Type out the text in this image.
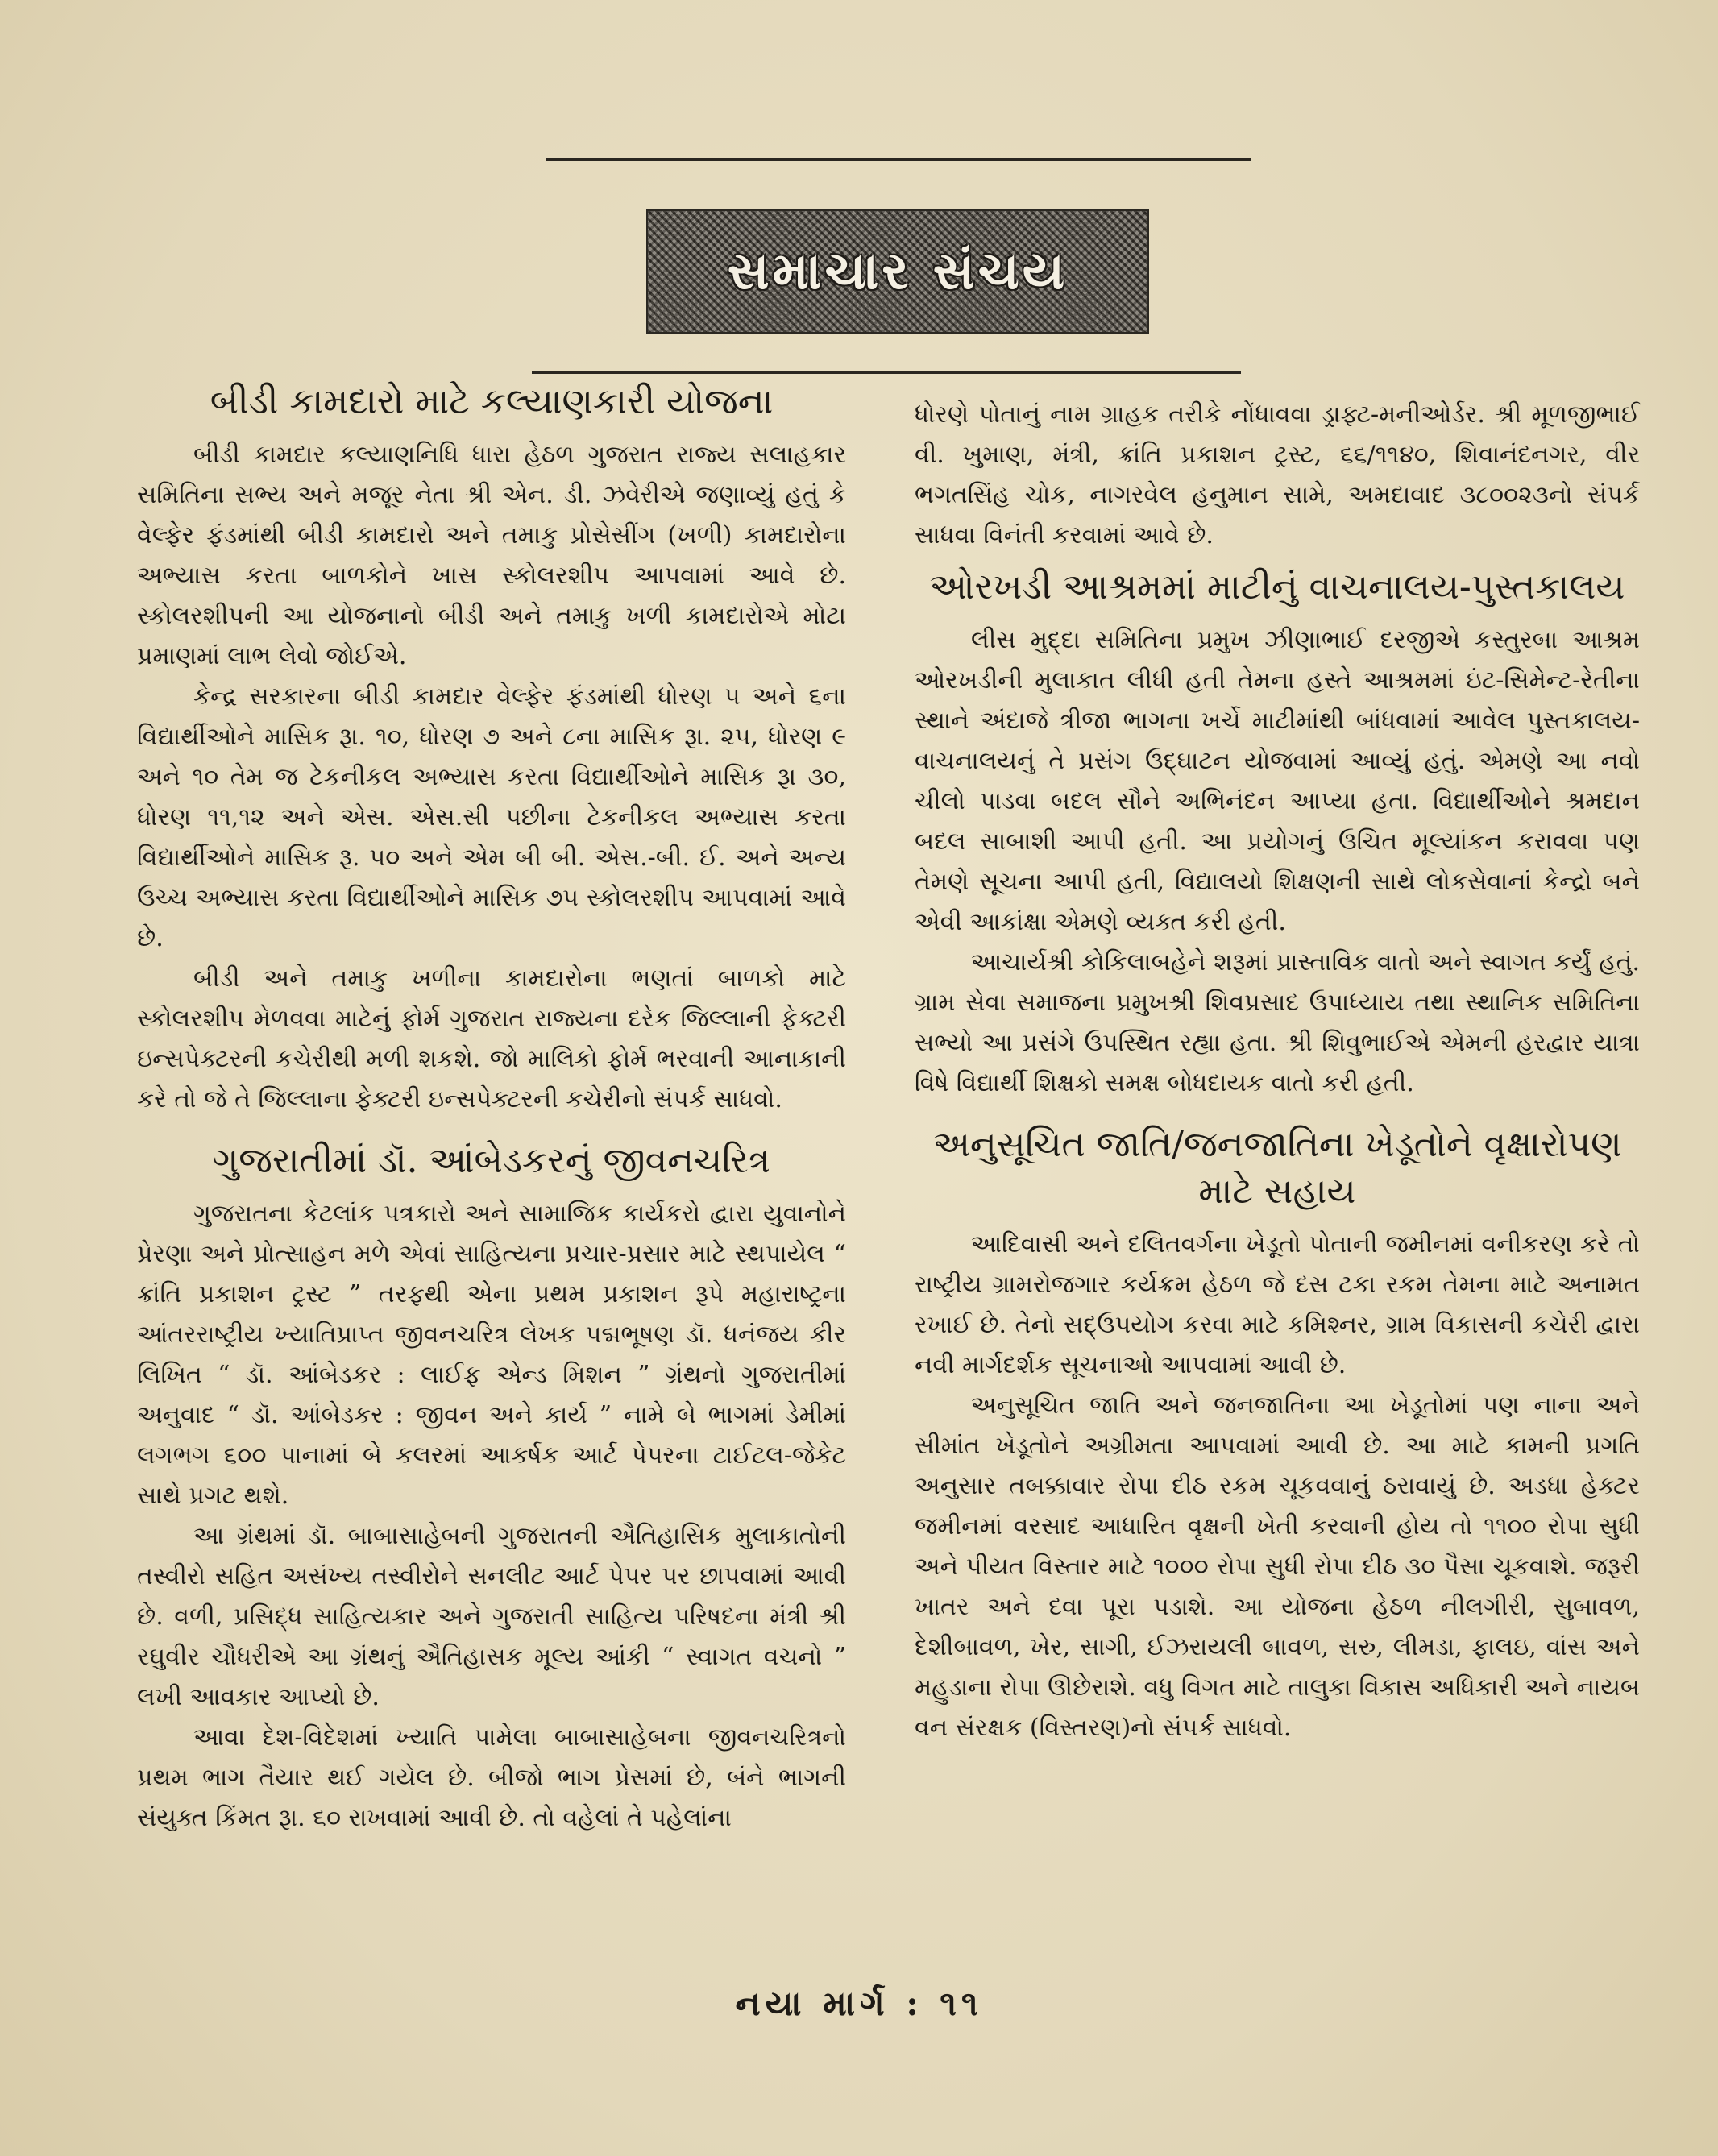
સમાચાર સંચય
બીડી કામદારો માટે કલ્યાણકારી યોજના

બીડી કામદાર કલ્યાણનિધિ ધારા હેઠળ ગુજરાત રાજ્ય સલાહકાર સમિતિના સભ્ય અને મજૂર નેતા શ્રી એન. ડી. ઝવેરીએ જણાવ્યું હતું કે વેલ્ફેર ફંડમાંથી બીડી કામદારો અને તમાકુ પ્રોસેસીંગ (ખળી) કામદારોના અભ્યાસ કરતા બાળકોને ખાસ સ્કોલરશીપ આપવામાં આવે છે. સ્કોલરશીપની આ યોજનાનો બીડી અને તમાકુ ખળી કામદારોએ મોટા પ્રમાણમાં લાભ લેવો જોઈએ.

કેન્દ્ર સરકારના બીડી કામદાર વેલ્ફેર ફંડમાંથી ધોરણ ૫ અને ૬ના વિદ્યાર્થીઓને માસિક રૂા. ૧૦, ધોરણ ૭ અને ૮ના માસિક રૂા. ૨૫, ધોરણ ૯ અને ૧૦ તેમ જ ટેકનીકલ અભ્યાસ કરતા વિદ્યાર્થીઓને માસિક રૂા ૩૦, ધોરણ ૧૧,૧૨ અને એસ. એસ.સી પછીના ટેકનીકલ અભ્યાસ કરતા વિદ્યાર્થીઓને માસિક રૂ. ૫૦ અને એમ બી બી. એસ.-બી. ઈ. અને અન્ય ઉચ્ચ અભ્યાસ કરતા વિદ્યાર્થીઓને માસિક ૭૫ સ્કોલરશીપ આપવામાં આવે છે.

બીડી અને તમાકુ ખળીના કામદારોના ભણતાં બાળકો માટે સ્કોલરશીપ મેળવવા માટેનું ફોર્મ ગુજરાત રાજ્યના દરેક જિલ્લાની ફેક્ટરી ઇન્સપેક્ટરની કચેરીથી મળી શકશે. જો માલિકો ફોર્મ ભરવાની આનાકાની કરે તો જે તે જિલ્લાના ફેક્ટરી ઇન્સપેક્ટરની કચેરીનો સંપર્ક સાધવો.

ગુજરાતીમાં ડૉ. આંબેડકરનું જીવનચરિત્ર

ગુજરાતના કેટલાંક પત્રકારો અને સામાજિક કાર્યકરો દ્વારા યુવાનોને પ્રેરણા અને પ્રોત્સાહન મળે એવાં સાહિત્યના પ્રચાર-પ્રસાર માટે સ્થપાયેલ “ ક્રાંતિ પ્રકાશન ટ્રસ્ટ ” તરફથી એના પ્રથમ પ્રકાશન રૂપે મહારાષ્ટ્રના આંતરરાષ્ટ્રીય ખ્યાતિપ્રાપ્ત જીવનચરિત્ર લેખક પદ્મભૂષણ ડૉ. ધનંજય કીર લિખિત “ ડૉ. આંબેડકર : લાઈફ એન્ડ મિશન ” ગ્રંથનો ગુજરાતીમાં અનુવાદ “ ડૉ. આંબેડકર : જીવન અને કાર્ય ” નામે બે ભાગમાં ડેમીમાં લગભગ ૬૦૦ પાનામાં બે કલરમાં આકર્ષક આર્ટ પેપરના ટાઈટલ-જેકેટ સાથે પ્રગટ થશે.

આ ગ્રંથમાં ડૉ. બાબાસાહેબની ગુજરાતની ઐતિહાસિક મુલાકાતોની તસ્વીરો સહિત અસંખ્ય તસ્વીરોને સનલીટ આર્ટ પેપર પર છાપવામાં આવી છે. વળી, પ્રસિદ્ધ સાહિત્યકાર અને ગુજરાતી સાહિત્ય પરિષદના મંત્રી શ્રી રઘુવીર ચૌધરીએ આ ગ્રંથનું ઐતિહાસક મૂલ્ય આંકી “ સ્વાગત વચનો ” લખી આવકાર આપ્યો છે.

આવા દેશ-વિદેશમાં ખ્યાતિ પામેલા બાબાસાહેબના જીવનચરિત્રનો પ્રથમ ભાગ તૈયાર થઈ ગયેલ છે. બીજો ભાગ પ્રેસમાં છે, બંને ભાગની સંયુક્ત કિંમત રૂા. ૬૦ રાખવામાં આવી છે. તો વહેલાં તે પહેલાંના

ધોરણે પોતાનું નામ ગ્રાહક તરીકે નોંધાવવા ડ્રાફ્ટ-મનીઓર્ડર. શ્રી મૂળજીભાઈ વી. ખુમાણ, મંત્રી, ક્રાંતિ પ્રકાશન ટ્રસ્ટ, ૬૬/૧૧૪૦, શિવાનંદનગર, વીર ભગતસિંહ ચોક, નાગરવેલ હનુમાન સામે, અમદાવાદ ૩૮૦૦૨૩નો સંપર્ક સાધવા વિનંતી કરવામાં આવે છે.

ઓરખડી આશ્રમમાં માટીનું વાચનાલય-પુસ્તકાલય

લીસ મુદ્દા સમિતિના પ્રમુખ ઝીણાભાઈ દરજીએ કસ્તુરબા આશ્રમ ઓરખડીની મુલાકાત લીધી હતી તેમના હસ્તે આશ્રમમાં ઇંટ-સિમેન્ટ-રેતીના સ્થાને અંદાજે ત્રીજા ભાગના ખર્ચે માટીમાંથી બાંધવામાં આવેલ પુસ્તકાલય-વાચનાલયનું તે પ્રસંગ ઉદ્ઘાટન યોજવામાં આવ્યું હતું. એમણે આ નવો ચીલો પાડવા બદલ સૌને અભિનંદન આપ્યા હતા. વિદ્યાર્થીઓને શ્રમદાન બદલ સાબાશી આપી હતી. આ પ્રયોગનું ઉચિત મૂલ્યાંકન કરાવવા પણ તેમણે સૂચના આપી હતી, વિદ્યાલયો શિક્ષણની સાથે લોકસેવાનાં કેન્દ્રો બને એવી આકાંક્ષા એમણે વ્યક્ત કરી હતી.

આચાર્યશ્રી કોકિલાબહેને શરૂમાં પ્રાસ્તાવિક વાતો અને સ્વાગત કર્યું હતું. ગ્રામ સેવા સમાજના પ્રમુખશ્રી શિવપ્રસાદ ઉપાધ્યાય તથા સ્થાનિક સમિતિના સભ્યો આ પ્રસંગે ઉપસ્થિત રહ્યા હતા. શ્રી શિવુભાઈએ એમની હરદ્વાર યાત્રા વિષે વિદ્યાર્થી શિક્ષકો સમક્ષ બોધદાયક વાતો કરી હતી.

અનુસૂચિત જાતિ/જનજાતિના ખેડૂતોને વૃક્ષારોપણ માટે સહાય

આદિવાસી અને દલિતવર્ગના ખેડૂતો પોતાની જમીનમાં વનીકરણ કરે તો રાષ્ટ્રીય ગ્રામરોજગાર કર્યક્રમ હેઠળ જે દસ ટકા રકમ તેમના માટે અનામત રખાઈ છે. તેનો સદ્ઉપયોગ કરવા માટે કમિશ્નર, ગ્રામ વિકાસની કચેરી દ્વારા નવી માર્ગદર્શક સૂચનાઓ આપવામાં આવી છે.

અનુસૂચિત જાતિ અને જનજાતિના આ ખેડૂતોમાં પણ નાના અને સીમાંત ખેડૂતોને અગ્રીમતા આપવામાં આવી છે. આ માટે કામની પ્રગતિ અનુસાર તબક્કાવાર રોપા દીઠ રકમ ચૂકવવાનું ઠરાવાયું છે. અડધા હેક્ટર જમીનમાં વરસાદ આધારિત વૃક્ષની ખેતી કરવાની હોય તો ૧૧૦૦ રોપા સુધી અને પીયત વિસ્તાર માટે ૧૦૦૦ રોપા સુધી રોપા દીઠ ૩૦ પૈસા ચૂકવાશે. જરૂરી ખાતર અને દવા પૂરા પડાશે. આ યોજના હેઠળ નીલગીરી, સુબાવળ, દેશીબાવળ, ખેર, સાગી, ઈઝરાયલી બાવળ, સરુ, લીમડા, ફાલઇ, વાંસ અને મહુડાના રોપા ઊછેરાશે. વધુ વિગત માટે તાલુકા વિકાસ અધિકારી અને નાયબ વન સંરક્ષક (વિસ્તરણ)નો સંપર્ક સાધવો.

નયા માર્ગ : ૧૧
